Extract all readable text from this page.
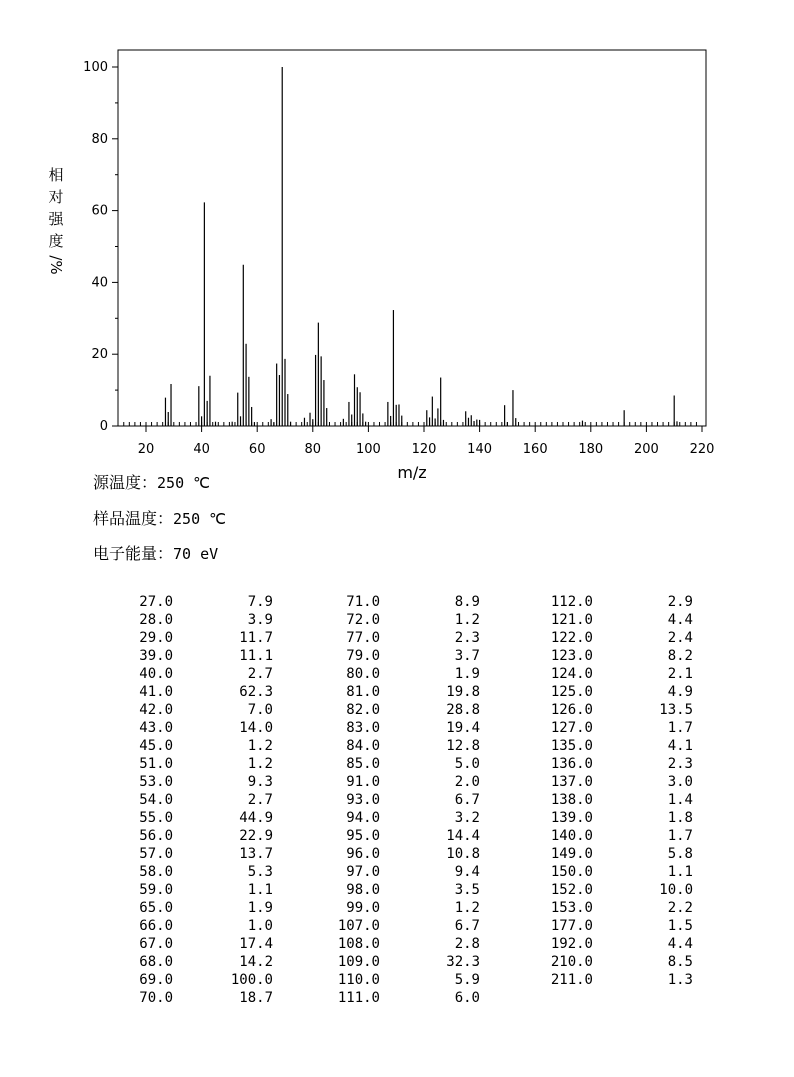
20	40	60	80	100 120 140 160 180 200 220
0
20
40
60
80
100
m/z
相
对
强
度
/%
源温度：250 ℃
样品温度：250 ℃
电子能量：70 eV
27.0	7.9	71.0	8.9	112.0	2.9
28.0	3.9	72.0	1.2	121.0	4.4
29.0	11.7	77.0	2.3	122.0	2.4
39.0	11.1	79.0	3.7	123.0	8.2
40.0	2.7	80.0	1.9	124.0	2.1
41.0	62.3	81.0	19.8	125.0	4.9
42.0	7.0	82.0	28.8	126.0	13.5
43.0	14.0	83.0	19.4	127.0	1.7
45.0	1.2	84.0	12.8	135.0	4.1
51.0	1.2	85.0	5.0	136.0	2.3
53.0	9.3	91.0	2.0	137.0	3.0
54.0	2.7	93.0	6.7	138.0	1.4
55.0	44.9	94.0	3.2	139.0	1.8
56.0	22.9	95.0	14.4	140.0	1.7
57.0	13.7	96.0	10.8	149.0	5.8
58.0	5.3	97.0	9.4	150.0	1.1
59.0	1.1	98.0	3.5	152.0	10.0
65.0	1.9	99.0	1.2	153.0	2.2
66.0	1.0	107.0	6.7	177.0	1.5
67.0	17.4	108.0	2.8	192.0	4.4
68.0	14.2	109.0	32.3	210.0	8.5
69.0	100.0	110.0	5.9	211.0	1.3
70.0	18.7	111.0	6.0		
